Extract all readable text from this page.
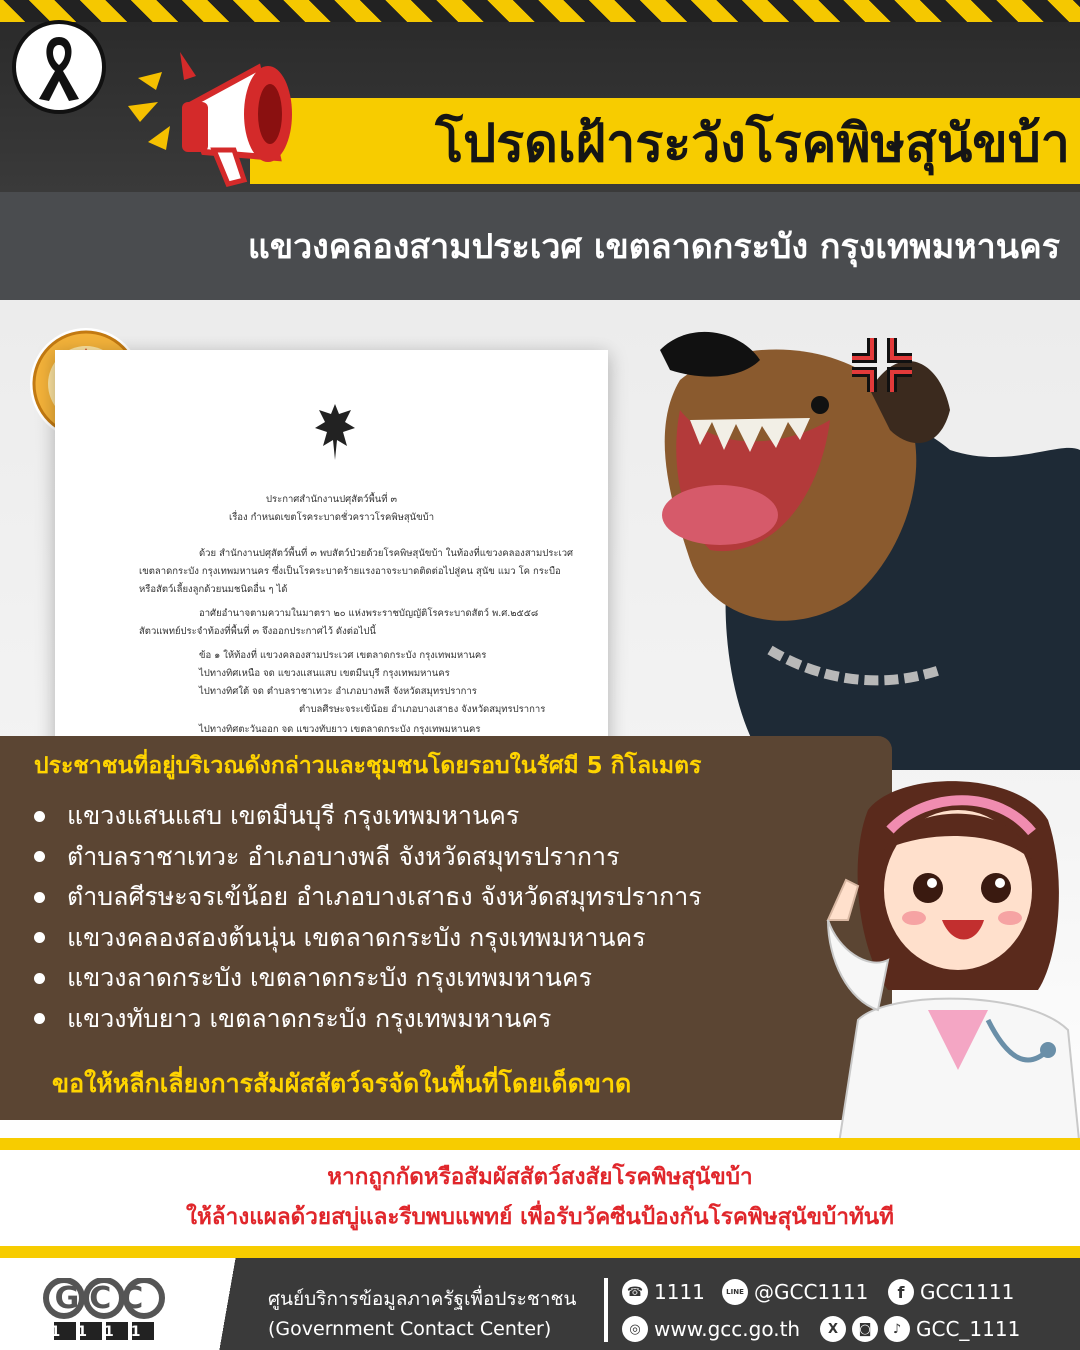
โปรดเฝ้าระวังโรคพิษสุนัขบ้า
แขวงคลองสามประเวศ เขตลาดกระบัง กรุงเทพมหานคร
ประกาศสำนักงานปศุสัตว์พื้นที่ ๓
เรื่อง กำหนดเขตโรคระบาดชั่วคราวโรคพิษสุนัขบ้า
ด้วย สำนักงานปศุสัตว์พื้นที่ ๓ พบสัตว์ป่วยด้วยโรคพิษสุนัขบ้า ในท้องที่แขวงคลองสามประเวศ
เขตลาดกระบัง กรุงเทพมหานคร ซึ่งเป็นโรคระบาดร้ายแรงอาจระบาดติดต่อไปสู่คน สุนัข แมว โค กระบือ
หรือสัตว์เลี้ยงลูกด้วยนมชนิดอื่น ๆ ได้
อาศัยอำนาจตามความในมาตรา ๒๐ แห่งพระราชบัญญัติโรคระบาดสัตว์ พ.ศ.๒๕๕๘
สัตวแพทย์ประจำท้องที่พื้นที่ ๓ จึงออกประกาศไว้ ดังต่อไปนี้
ข้อ ๑ ให้ท้องที่ แขวงคลองสามประเวศ เขตลาดกระบัง กรุงเทพมหานคร
ไปทางทิศเหนือ จด แขวงแสนแสบ เขตมีนบุรี กรุงเทพมหานคร
ไปทางทิศใต้ จด ตำบลราชาเทวะ อำเภอบางพลี จังหวัดสมุทรปราการ
ตำบลศีรษะจระเข้น้อย อำเภอบางเสาธง จังหวัดสมุทรปราการ
ไปทางทิศตะวันออก จด แขวงทับยาว เขตลาดกระบัง กรุงเทพมหานคร
ประชาชนที่อยู่บริเวณดังกล่าวและชุมชนโดยรอบในรัศมี 5 กิโลเมตร
แขวงแสนแสบ เขตมีนบุรี กรุงเทพมหานคร
ตำบลราชาเทวะ อำเภอบางพลี จังหวัดสมุทรปราการ
ตำบลศีรษะจรเข้น้อย อำเภอบางเสาธง จังหวัดสมุทรปราการ
แขวงคลองสองต้นนุ่น เขตลาดกระบัง กรุงเทพมหานคร
แขวงลาดกระบัง เขตลาดกระบัง กรุงเทพมหานคร
แขวงทับยาว เขตลาดกระบัง กรุงเทพมหานคร
ขอให้หลีกเลี่ยงการสัมผัสสัตว์จรจัดในพื้นที่โดยเด็ดขาด
หากถูกกัดหรือสัมผัสสัตว์สงสัยโรคพิษสุนัขบ้า
ให้ล้างแผลด้วยสบู่และรีบพบแพทย์ เพื่อรับวัคซีนป้องกันโรคพิษสุนัขบ้าทันที
GCC
1111
ศูนย์บริการข้อมูลภาครัฐเพื่อประชาชน
(Government Contact Center)
☎ 1111	LINE @GCC1111	f GCC1111
◎ www.gcc.go.th	X	◙	♪ GCC_1111
